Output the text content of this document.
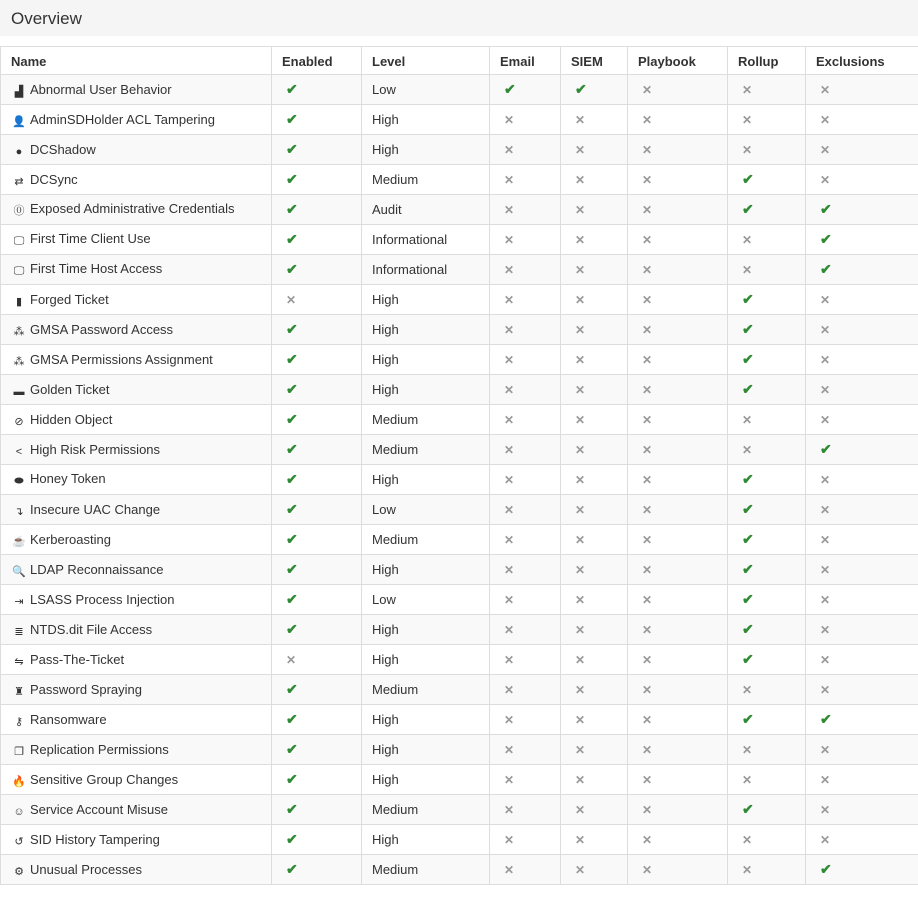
Overview
Name	Enabled	Level	Email	SIEM	Playbook	Rollup	Exclusions
▟ Abnormal User Behavior	✔	Low	✔	✔	✕	✕	✕
👤 AdminSDHolder ACL Tampering	✔	High	✕	✕	✕	✕	✕
● DCShadow	✔	High	✕	✕	✕	✕	✕
⇄ DCSync	✔	Medium	✕	✕	✕	✔	✕
⓪ Exposed Administrative Credentials	✔	Audit	✕	✕	✕	✔	✔
🖵 First Time Client Use	✔	Informational	✕	✕	✕	✕	✔
🖵 First Time Host Access	✔	Informational	✕	✕	✕	✕	✔
▮ Forged Ticket	✕	High	✕	✕	✕	✔	✕
⁂ GMSA Password Access	✔	High	✕	✕	✕	✔	✕
⁂ GMSA Permissions Assignment	✔	High	✕	✕	✕	✔	✕
▬ Golden Ticket	✔	High	✕	✕	✕	✔	✕
⊘ Hidden Object	✔	Medium	✕	✕	✕	✕	✕
< High Risk Permissions	✔	Medium	✕	✕	✕	✕	✔
⬬ Honey Token	✔	High	✕	✕	✕	✔	✕
↴ Insecure UAC Change	✔	Low	✕	✕	✕	✔	✕
☕ Kerberoasting	✔	Medium	✕	✕	✕	✔	✕
🔍 LDAP Reconnaissance	✔	High	✕	✕	✕	✔	✕
⇥ LSASS Process Injection	✔	Low	✕	✕	✕	✔	✕
≣ NTDS.dit File Access	✔	High	✕	✕	✕	✔	✕
⇋ Pass-The-Ticket	✕	High	✕	✕	✕	✔	✕
♜ Password Spraying	✔	Medium	✕	✕	✕	✕	✕
⚷ Ransomware	✔	High	✕	✕	✕	✔	✔
❐ Replication Permissions	✔	High	✕	✕	✕	✕	✕
🔥 Sensitive Group Changes	✔	High	✕	✕	✕	✕	✕
☺ Service Account Misuse	✔	Medium	✕	✕	✕	✔	✕
↺ SID History Tampering	✔	High	✕	✕	✕	✕	✕
⚙ Unusual Processes	✔	Medium	✕	✕	✕	✕	✔
